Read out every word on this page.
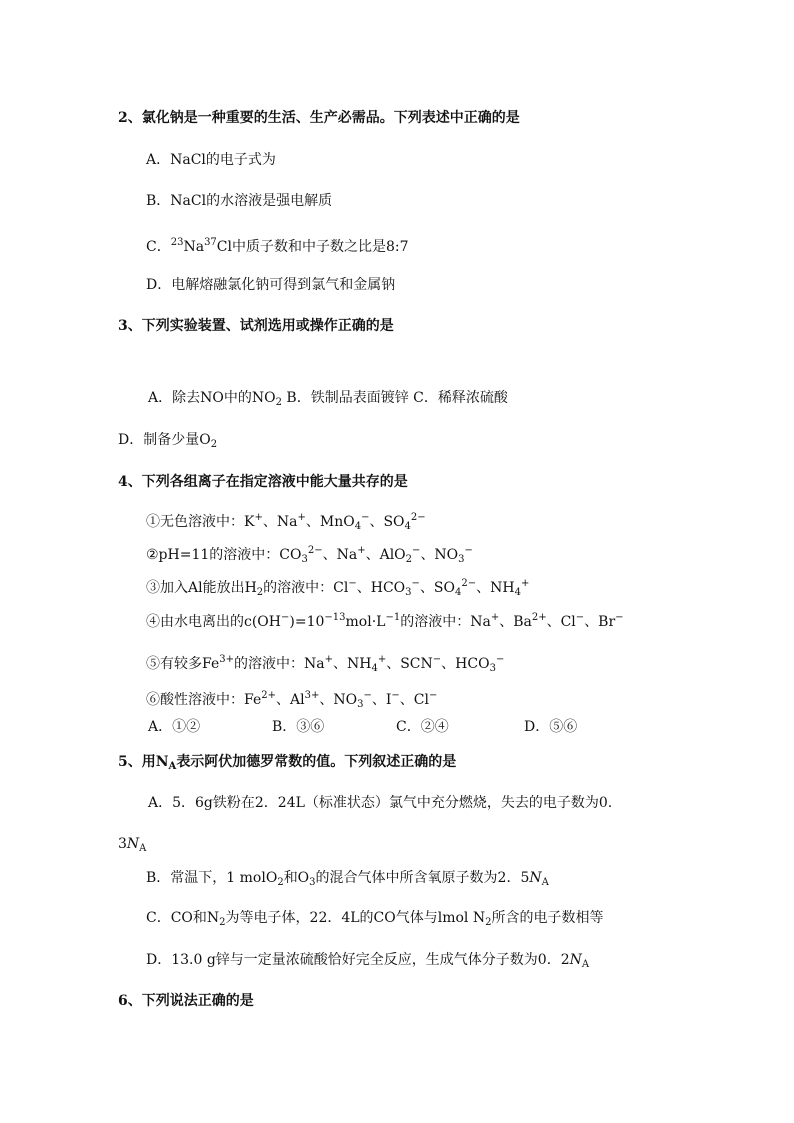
2、氯化钠是一种重要的生活、生产必需品。下列表述中正确的是
A．NaCl的电子式为
B．NaCl的水溶液是强电解质
C．$^{23}$Na$^{37}$Cl中质子数和中子数之比是8:7
D．电解熔融氯化钠可得到氯气和金属钠
3、下列实验装置、试剂选用或操作正确的是
A．除去NO中的$NO_2$ B．铁制品表面镀锌 C．稀释浓硫酸
D．制备少量$O_2$
4、下列各组离子在指定溶液中能大量共存的是
①无色溶液中：K+、Na+、MnO$_4$−、$SO_4^{2-}$
②pH=11的溶液中：$CO_3^{2-}$、Na+、AlO$_2$−、$NO_3^-$
③加入Al能放出$H_2$的溶液中：Cl−、$HCO_3^-$、$SO_4^{2-}$、$NH_4^+$
④由水电离出的$c(OH^-)=10^{-13}mol\cdot L^{-1}$的溶液中：Na+、$Ba^{2+}$、Cl−、Br−
⑤有较多$Fe^{3+}$的溶液中：Na+、$NH_4^+$、SCN−、$HCO_3^-$
⑥酸性溶液中：$Fe^{2+}$、$Al^{3+}$、$NO_3^-$、I−、Cl−
A．①②	B．③⑥	C．②④	D．⑤⑥
5、用$N_A$表示阿伏加德罗常数的值。下列叙述正确的是
A．5．6g铁粉在2．24L（标准状态）氯气中充分燃烧，失去的电子数为0.
$3N_A$
B．常温下，1 molO$_2$和$O_3$的混合气体中所含氧原子数为2．$5N_A$
C．CO和$N_2$为等电子体，22．4L的CO气体与lmol $N_2$所含的电子数相等
D．13.0 g锌与一定量浓硫酸恰好完全反应，生成气体分子数为0．$2N_A$
6、下列说法正确的是
